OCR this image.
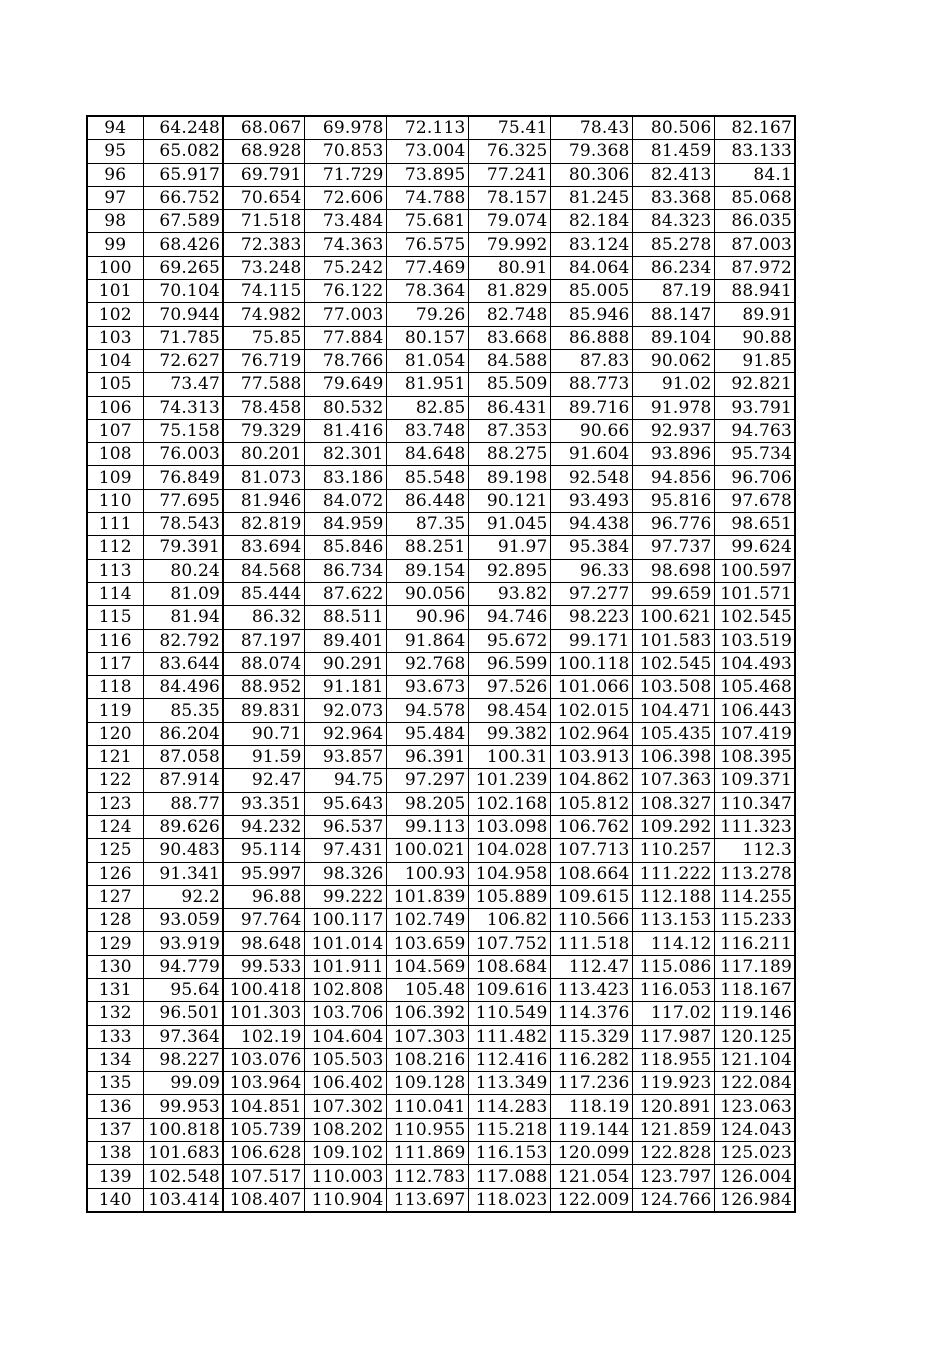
94	64.248	68.067	69.978	72.113	75.41	78.43	80.506	82.167
95	65.082	68.928	70.853	73.004	76.325	79.368	81.459	83.133
96	65.917	69.791	71.729	73.895	77.241	80.306	82.413	84.1
97	66.752	70.654	72.606	74.788	78.157	81.245	83.368	85.068
98	67.589	71.518	73.484	75.681	79.074	82.184	84.323	86.035
99	68.426	72.383	74.363	76.575	79.992	83.124	85.278	87.003
100	69.265	73.248	75.242	77.469	80.91	84.064	86.234	87.972
101	70.104	74.115	76.122	78.364	81.829	85.005	87.19	88.941
102	70.944	74.982	77.003	79.26	82.748	85.946	88.147	89.91
103	71.785	75.85	77.884	80.157	83.668	86.888	89.104	90.88
104	72.627	76.719	78.766	81.054	84.588	87.83	90.062	91.85
105	73.47	77.588	79.649	81.951	85.509	88.773	91.02	92.821
106	74.313	78.458	80.532	82.85	86.431	89.716	91.978	93.791
107	75.158	79.329	81.416	83.748	87.353	90.66	92.937	94.763
108	76.003	80.201	82.301	84.648	88.275	91.604	93.896	95.734
109	76.849	81.073	83.186	85.548	89.198	92.548	94.856	96.706
110	77.695	81.946	84.072	86.448	90.121	93.493	95.816	97.678
111	78.543	82.819	84.959	87.35	91.045	94.438	96.776	98.651
112	79.391	83.694	85.846	88.251	91.97	95.384	97.737	99.624
113	80.24	84.568	86.734	89.154	92.895	96.33	98.698	100.597
114	81.09	85.444	87.622	90.056	93.82	97.277	99.659	101.571
115	81.94	86.32	88.511	90.96	94.746	98.223	100.621	102.545
116	82.792	87.197	89.401	91.864	95.672	99.171	101.583	103.519
117	83.644	88.074	90.291	92.768	96.599	100.118	102.545	104.493
118	84.496	88.952	91.181	93.673	97.526	101.066	103.508	105.468
119	85.35	89.831	92.073	94.578	98.454	102.015	104.471	106.443
120	86.204	90.71	92.964	95.484	99.382	102.964	105.435	107.419
121	87.058	91.59	93.857	96.391	100.31	103.913	106.398	108.395
122	87.914	92.47	94.75	97.297	101.239	104.862	107.363	109.371
123	88.77	93.351	95.643	98.205	102.168	105.812	108.327	110.347
124	89.626	94.232	96.537	99.113	103.098	106.762	109.292	111.323
125	90.483	95.114	97.431	100.021	104.028	107.713	110.257	112.3
126	91.341	95.997	98.326	100.93	104.958	108.664	111.222	113.278
127	92.2	96.88	99.222	101.839	105.889	109.615	112.188	114.255
128	93.059	97.764	100.117	102.749	106.82	110.566	113.153	115.233
129	93.919	98.648	101.014	103.659	107.752	111.518	114.12	116.211
130	94.779	99.533	101.911	104.569	108.684	112.47	115.086	117.189
131	95.64	100.418	102.808	105.48	109.616	113.423	116.053	118.167
132	96.501	101.303	103.706	106.392	110.549	114.376	117.02	119.146
133	97.364	102.19	104.604	107.303	111.482	115.329	117.987	120.125
134	98.227	103.076	105.503	108.216	112.416	116.282	118.955	121.104
135	99.09	103.964	106.402	109.128	113.349	117.236	119.923	122.084
136	99.953	104.851	107.302	110.041	114.283	118.19	120.891	123.063
137	100.818	105.739	108.202	110.955	115.218	119.144	121.859	124.043
138	101.683	106.628	109.102	111.869	116.153	120.099	122.828	125.023
139	102.548	107.517	110.003	112.783	117.088	121.054	123.797	126.004
140	103.414	108.407	110.904	113.697	118.023	122.009	124.766	126.984
